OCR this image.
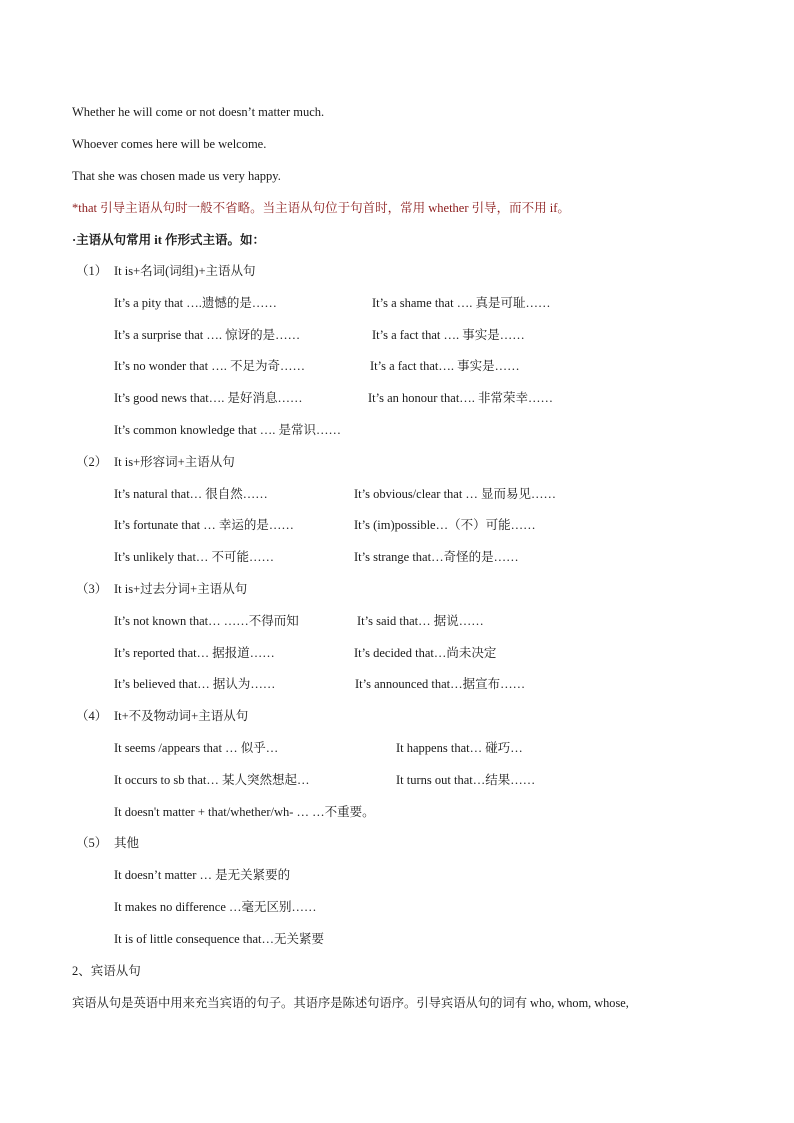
Whether he will come or not doesn’t matter much.
Whoever comes here will be welcome.
That she was chosen made us very happy.
*that 引导主语从句时一般不省略。当主语从句位于句首时，常用 whether 引导，而不用 if。
·主语从句常用 it 作形式主语。如：
（1） It is+名词(词组)+主语从句
It’s a pity that ….遗憾的是……	It’s a shame that …. 真是可耻……
It’s a surprise that …. 惊讶的是……	It’s a fact that …. 事实是……
It’s no wonder that …. 不足为奇……	It’s a fact that…. 事实是……
It’s good news that…. 是好消息……	It’s an honour that…. 非常荣幸……
It’s common knowledge that …. 是常识……
（2） It is+形容词+主语从句
It’s natural that… 很自然……	It’s obvious/clear that … 显而易见……
It’s fortunate that … 幸运的是……	It’s (im)possible…（不）可能……
It’s unlikely that… 不可能……	It’s strange that…奇怪的是……
（3） It is+过去分词+主语从句
It’s not known that… ……不得而知	It’s said that… 据说……
It’s reported that… 据报道……	It’s decided that…尚未决定
It’s believed that… 据认为……	It’s announced that…据宣布……
（4） It+不及物动词+主语从句
It seems /appears that … 似乎…	It happens that… 碰巧…
It occurs to sb that… 某人突然想起…	It turns out that…结果……
It doesn't matter + that/whether/wh- … …不重要。
（5） 其他
It doesn’t matter … 是无关紧要的
It makes no difference …毫无区别……
It is of little consequence that…无关紧要
2、宾语从句
宾语从句是英语中用来充当宾语的句子。其语序是陈述句语序。引导宾语从句的词有 who, whom, whose,
